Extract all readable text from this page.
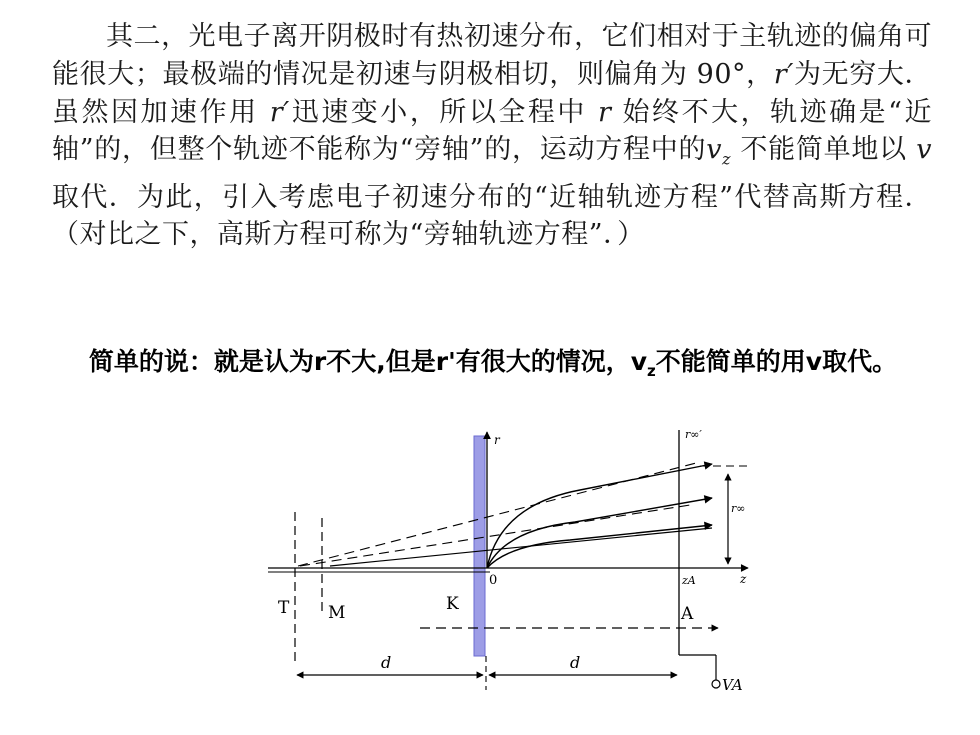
其二，光电子离开阴极时有热初速分布，它们相对于主轨迹的偏角可能很大；最极端的情况是初速与阴极相切，则偏角为 90°，r′为无穷大．虽然因加速作用 r′迅速变小，所以全程中 r 始终不大，轨迹确是“近轴”的，但整个轨迹不能称为“旁轴”的，运动方程中的$v_z$ 不能简单地以 v 取代．为此，引入考虑电子初速分布的“近轴轨迹方程”代替高斯方程．（对比之下，高斯方程可称为“旁轴轨迹方程”．）
简单的说：就是认为r不大,但是r'有很大的情况，$v_z$不能简单的用v取代。
r
z
0
T M	K
zA
A
VA
r∞
r∞′
d	d
